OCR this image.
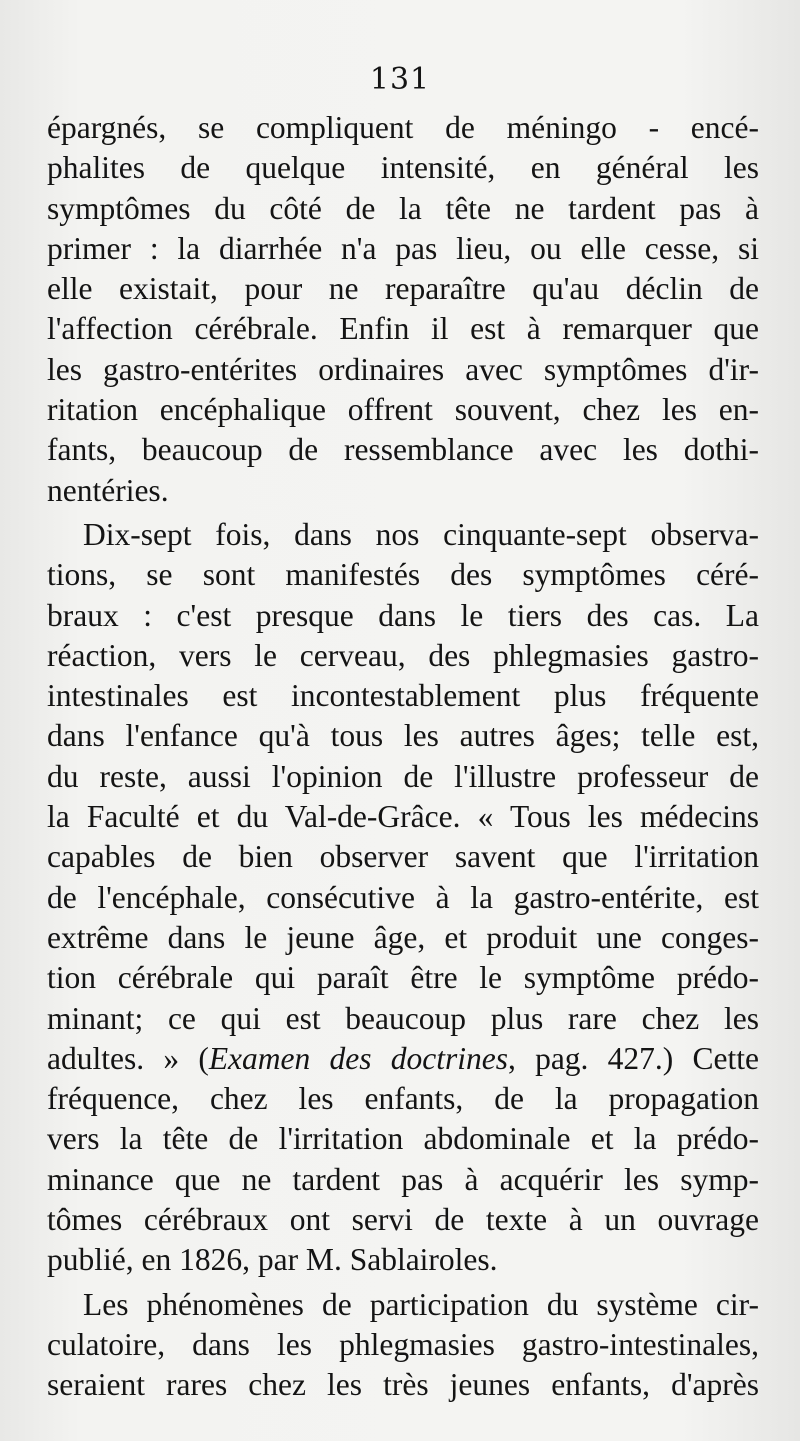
131
épargnés, se compliquent de méningo - encé-
phalites de quelque intensité, en général les
symptômes du côté de la tête ne tardent pas à
primer : la diarrhée n'a pas lieu, ou elle cesse, si
elle existait, pour ne reparaître qu'au déclin de
l'affection cérébrale. Enfin il est à remarquer que
les gastro-entérites ordinaires avec symptômes d'ir-
ritation encéphalique offrent souvent, chez les en-
fants, beaucoup de ressemblance avec les dothi-
nentéries.
Dix-sept fois, dans nos cinquante-sept observa-
tions, se sont manifestés des symptômes céré-
braux : c'est presque dans le tiers des cas. La
réaction, vers le cerveau, des phlegmasies gastro-
intestinales est incontestablement plus fréquente
dans l'enfance qu'à tous les autres âges; telle est,
du reste, aussi l'opinion de l'illustre professeur de
la Faculté et du Val-de-Grâce. « Tous les médecins
capables de bien observer savent que l'irritation
de l'encéphale, consécutive à la gastro-entérite, est
extrême dans le jeune âge, et produit une conges-
tion cérébrale qui paraît être le symptôme prédo-
minant; ce qui est beaucoup plus rare chez les
adultes. » (Examen des doctrines, pag. 427.) Cette
fréquence, chez les enfants, de la propagation
vers la tête de l'irritation abdominale et la prédo-
minance que ne tardent pas à acquérir les symp-
tômes cérébraux ont servi de texte à un ouvrage
publié, en 1826, par M. Sablairoles.
Les phénomènes de participation du système cir-
culatoire, dans les phlegmasies gastro-intestinales,
seraient rares chez les très jeunes enfants, d'après
